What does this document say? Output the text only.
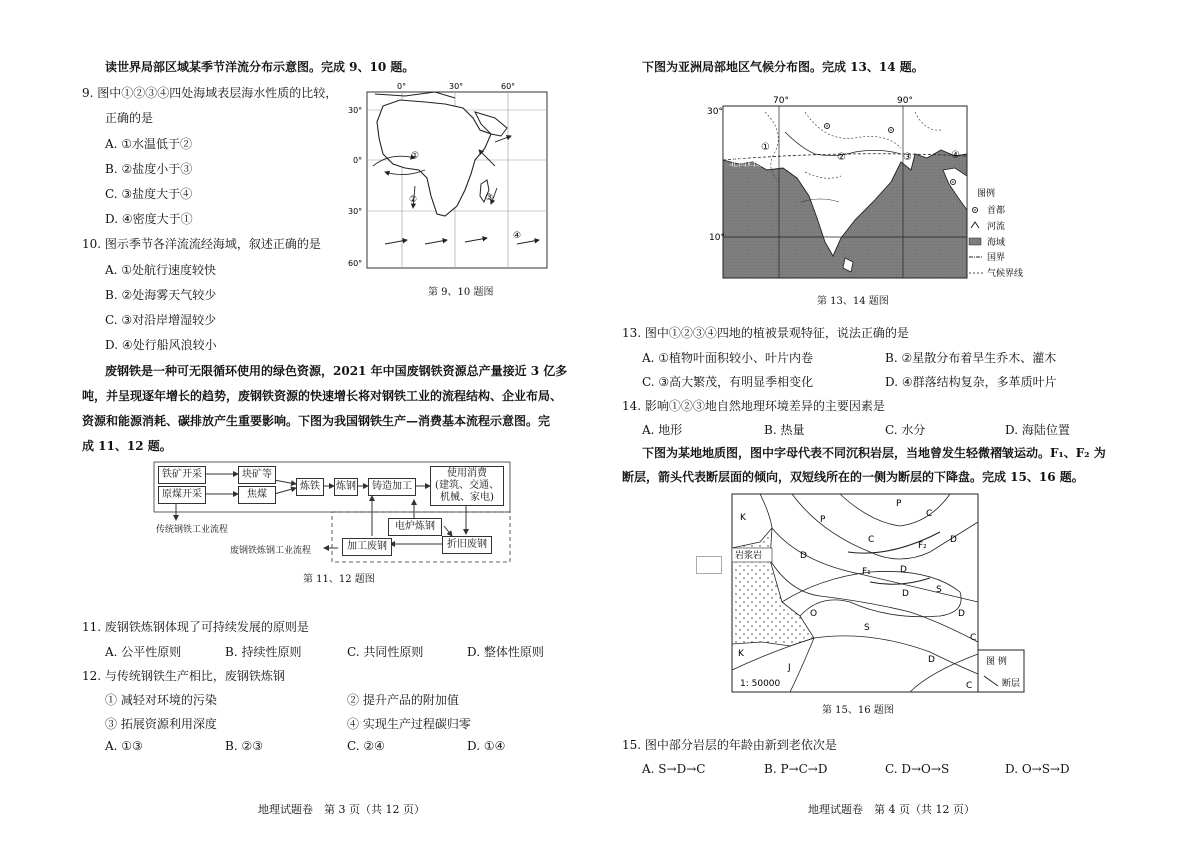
读世界局部区域某季节洋流分布示意图。完成 9、10 题。
9. 图中①②③④四处海域表层海水性质的比较，
正确的是
A. ①水温低于②
B. ②盐度小于③
C. ③盐度大于④
D. ④密度大于①
10. 图示季节各洋流流经海域，叙述正确的是
A. ①处航行速度较快
B. ②处海雾天气较少
C. ③对沿岸增湿较少
D. ④处行船风浪较小
0°	30°	60°
30°
0°
30°
60°
①
②	③
④
第 9、10 题图
废钢铁是一种可无限循环使用的绿色资源，2021 年中国废钢铁资源总产量接近 3 亿多
吨，并呈现逐年增长的趋势，废钢铁资源的快速增长将对钢铁工业的流程结构、企业布局、
资源和能源消耗、碳排放产生重要影响。下图为我国钢铁生产—消费基本流程示意图。完
成 11、12 题。
铁矿开采
原煤开采
块矿等
焦煤
炼铁	炼钢	铸造加工
使用消费
(建筑、交通、
机械、家电)
电炉炼钢
加工废钢	折旧废钢
传统钢铁工业流程
废钢铁炼钢工业流程
第 11、12 题图
11. 废钢铁炼钢体现了可持续发展的原则是
A. 公平性原则	B. 持续性原则	C. 共同性原则	D. 整体性原则
12. 与传统钢铁生产相比，废钢铁炼钢
① 减轻对环境的污染	② 提升产品的附加值
③ 拓展资源利用深度	④ 实现生产过程碳归零
A. ①③	B. ②③	C. ②④	D. ①④
地理试题卷　第 3 页（共 12 页）
下图为亚洲局部地区气候分布图。完成 13、14 题。
70°	90°
30°
10°
北回归线
①
②	③	④
图例
首都
河流
海域
国界
气候界线
第 13、14 题图
13. 图中①②③④四地的植被景观特征，说法正确的是
A. ①植物叶面积较小、叶片内卷	B. ②星散分布着旱生乔木、灌木
C. ③高大繁茂，有明显季相变化	D. ④群落结构复杂，多革质叶片
14. 影响①②③地自然地理环境差异的主要因素是
A. 地形	B. 热量	C. 水分	D. 海陆位置
下图为某地地质图，图中字母代表不同沉积岩层，当地曾发生轻微褶皱运动。F₁、F₂ 为
断层，箭头代表断层面的倾向，双短线所在的一侧为断层的下降盘。完成 15、16 题。
K	P
P
C
D
C
F₂
D
D
F₁
D	S
O
S
D
C
K
J
D
C
岩浆岩
1: 50000
图 例
断层
第 15、16 题图
15. 图中部分岩层的年龄由新到老依次是
A. S→D→C	B. P→C→D	C. D→O→S	D. O→S→D
地理试题卷　第 4 页（共 12 页）
